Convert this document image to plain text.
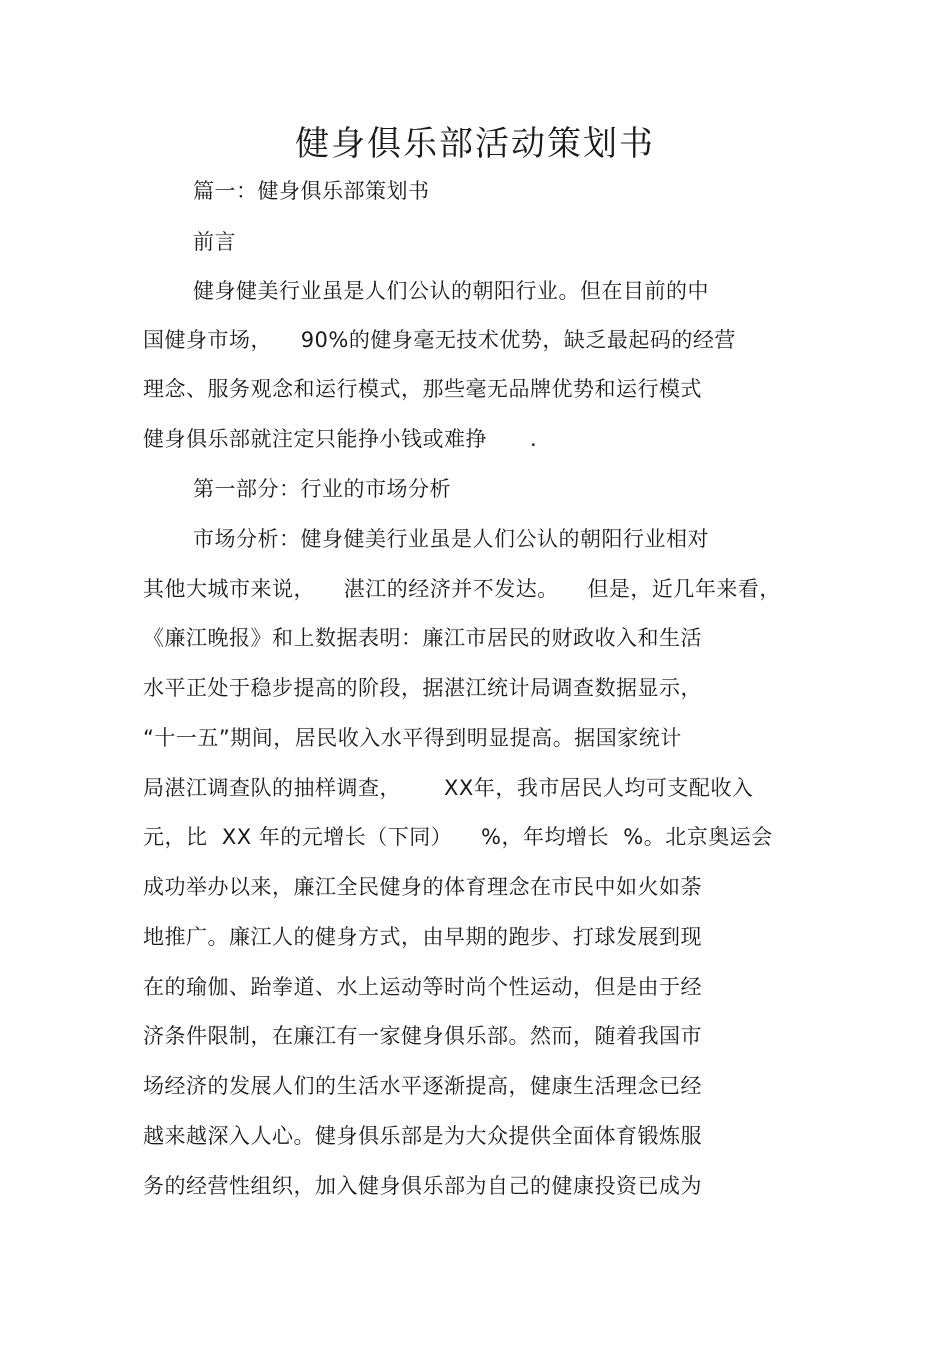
健身俱乐部活动策划书
篇一：健身俱乐部策划书
前言
健身健美行业虽是人们公认的朝阳行业。但在目前的中
国健身市场，    90%的健身毫无技术优势，缺乏最起码的经营
理念、服务观念和运行模式，那些毫无品牌优势和运行模式
健身俱乐部就注定只能挣小钱或难挣      .
第一部分：行业的市场分析
市场分析：健身健美行业虽是人们公认的朝阳行业相对
其他大城市来说，    湛江的经济并不发达。    但是，近几年来看，
《廉江晚报》和上数据表明：廉江市居民的财政收入和生活
水平正处于稳步提高的阶段，据湛江统计局调查数据显示，
“十一五”期间，居民收入水平得到明显提高。据国家统计
局湛江调查队的抽样调查，      XX年，我市居民人均可支配收入
元，比  XX 年的元增长（下同）    %，年均增长  %。北京奥运会
成功举办以来，廉江全民健身的体育理念在市民中如火如荼
地推广。廉江人的健身方式，由早期的跑步、打球发展到现
在的瑜伽、跆拳道、水上运动等时尚个性运动，但是由于经
济条件限制，在廉江有一家健身俱乐部。然而，随着我国市
场经济的发展人们的生活水平逐渐提高，健康生活理念已经
越来越深入人心。健身俱乐部是为大众提供全面体育锻炼服
务的经营性组织，加入健身俱乐部为自己的健康投资已成为
